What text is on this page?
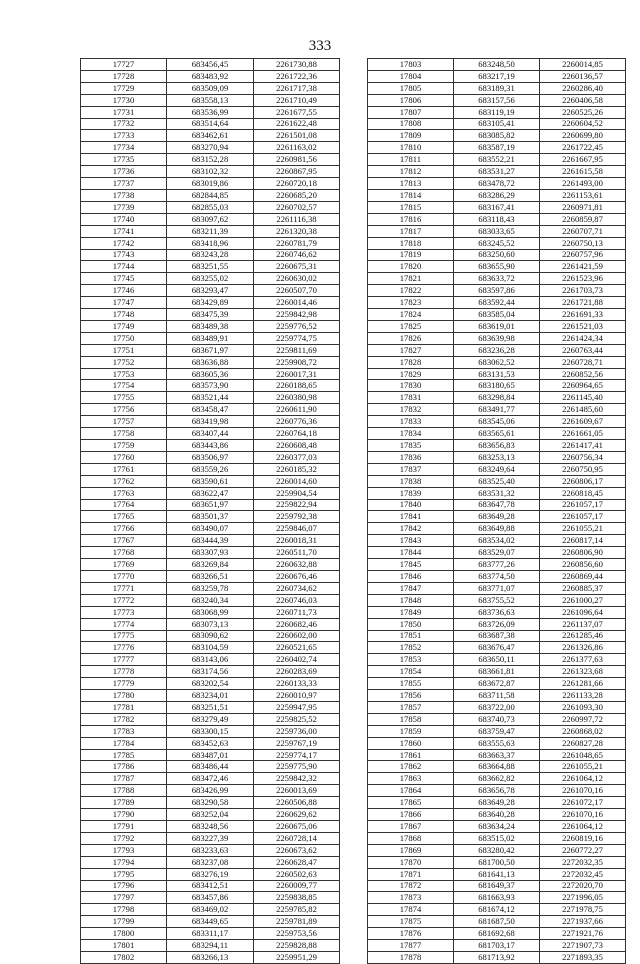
333
17727	683456,45	2261730,88
17728	683483,92	2261722,36
17729	683509,09	2261717,38
17730	683558,13	2261710,49
17731	683536,99	2261677,55
17732	683514,64	2261622,48
17733	683462,61	2261501,08
17734	683270,94	2261163,02
17735	683152,28	2260981,56
17736	683102,32	2260867,95
17737	683019,86	2260720,18
17738	682844,85	2260685,20
17739	682855,03	2260702,57
17740	683097,62	2261116,38
17741	683211,39	2261320,38
17742	683418,96	2260781,79
17743	683243,28	2260746,62
17744	683251,55	2260675,31
17745	683255,02	2260630,02
17746	683293,47	2260507,70
17747	683429,89	2260014,46
17748	683475,39	2259842,98
17749	683489,38	2259776,52
17750	683489,91	2259774,75
17751	683671,97	2259811,69
17752	683636,88	2259908,72
17753	683605,36	2260017,31
17754	683573,90	2260188,65
17755	683521,44	2260380,98
17756	683458,47	2260611,90
17757	683419,98	2260776,36
17758	683407,44	2260764,18
17759	683443,86	2260608,48
17760	683506,97	2260377,03
17761	683559,26	2260185,32
17762	683590,61	2260014,60
17763	683622,47	2259904,54
17764	683651,97	2259822,94
17765	683501,37	2259792,38
17766	683490,07	2259846,07
17767	683444,39	2260018,31
17768	683307,93	2260511,70
17769	683269,84	2260632,88
17770	683266,51	2260676,46
17771	683259,78	2260734,62
17772	683240,34	2260746,03
17773	683068,99	2260711,73
17774	683073,13	2260682,46
17775	683090,62	2260602,00
17776	683104,59	2260521,65
17777	683143,06	2260402,74
17778	683174,56	2260283,69
17779	683202,54	2260133,33
17780	683234,01	2260010,97
17781	683251,51	2259947,95
17782	683279,49	2259825,52
17783	683300,15	2259736,00
17784	683452,63	2259767,19
17785	683487,01	2259774,17
17786	683486,44	2259775,90
17787	683472,46	2259842,32
17788	683426,99	2260013,69
17789	683290,58	2260506,88
17790	683252,04	2260629,62
17791	683248,56	2260675,06
17792	683227,39	2260728,14
17793	683233,63	2260673,62
17794	683237,08	2260628,47
17795	683276,19	2260502,63
17796	683412,51	2260009,77
17797	683457,86	2259838,85
17798	683469,02	2259785,82
17799	683449,65	2259781,89
17800	683311,17	2259753,56
17801	683294,11	2259828,88
17802	683266,13	2259951,29
17803	683248,50	2260014,85
17804	683217,19	2260136,57
17805	683189,31	2260286,40
17806	683157,56	2260406,58
17807	683119,19	2260525,26
17808	683105,41	2260604,52
17809	683085,82	2260699,80
17810	683587,19	2261722,45
17811	683552,21	2261667,95
17812	683531,27	2261615,58
17813	683478,72	2261493,00
17814	683286,29	2261153,61
17815	683167,41	2260971,81
17816	683118,43	2260859,87
17817	683033,65	2260707,71
17818	683245,52	2260750,13
17819	683250,60	2260757,96
17820	683655,90	2261421,59
17821	683633,72	2261523,96
17822	683597,86	2261703,73
17823	683592,44	2261721,88
17824	683585,04	2261691,33
17825	683619,01	2261521,03
17826	683639,98	2261424,34
17827	683236,28	2260763,44
17828	683062,52	2260728,71
17829	683131,53	2260852,56
17830	683180,65	2260964,65
17831	683298,84	2261145,40
17832	683491,77	2261485,60
17833	683545,06	2261609,67
17834	683565,61	2261661,05
17835	683656,83	2261417,41
17836	683253,13	2260756,34
17837	683249,64	2260750,95
17838	683525,40	2260806,17
17839	683531,32	2260818,45
17840	683647,78	2261057,17
17841	683649,28	2261057,17
17842	683649,88	2261055,21
17843	683534,02	2260817,14
17844	683529,07	2260806,90
17845	683777,26	2260856,60
17846	683774,50	2260869,44
17847	683771,07	2260885,37
17848	683755,52	2261000,27
17849	683736,63	2261096,64
17850	683726,09	2261137,07
17851	683687,38	2261285,46
17852	683676,47	2261326,86
17853	683650,11	2261377,63
17854	683661,81	2261323,68
17855	683672,87	2261281,66
17856	683711,58	2261133,28
17857	683722,00	2261093,30
17858	683740,73	2260997,72
17859	683759,47	2260868,02
17860	683555,63	2260827,28
17861	683663,37	2261048,65
17862	683664,88	2261055,21
17863	683662,82	2261064,12
17864	683656,78	2261070,16
17865	683649,28	2261072,17
17866	683640,28	2261070,16
17867	683634,24	2261064,12
17868	683515,02	2260819,16
17869	683280,42	2260772,27
17870	681700,50	2272032,35
17871	681641,13	2272032,45
17872	681649,37	2272020,70
17873	681663,93	2271996,05
17874	681674,12	2271978,75
17875	681687,50	2271937,66
17876	681692,68	2271921,76
17877	681703,17	2271907,73
17878	681713,92	2271893,35
